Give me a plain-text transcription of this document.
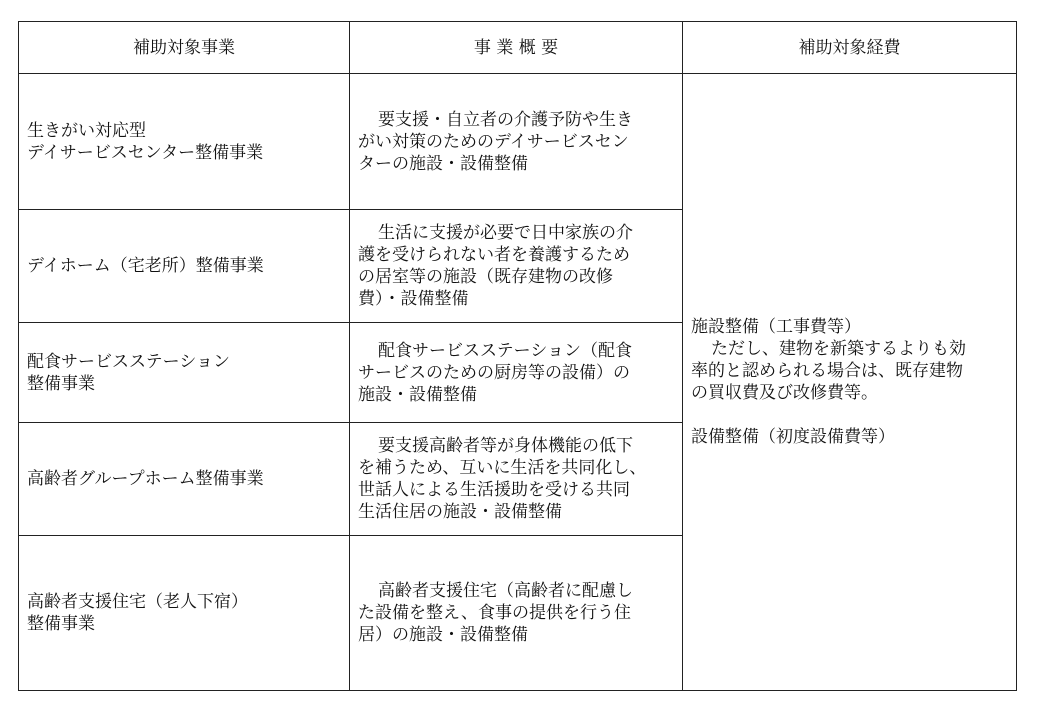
補助対象事業	事 業 概 要	補助対象経費

生きがい対応型
デイサービスセンター整備事業	要支援・自立者の介護予防や生き
がい対策のためのデイサービスセン
ターの施設・設備整備	施設整備（工事費等）
ただし、建物を新築するよりも効
率的と認められる場合は、既存建物
の買収費及び改修費等。
設備整備（初度設備費等）

デイホーム（宅老所）整備事業	生活に支援が必要で日中家族の介
護を受けられない者を養護するため
の居室等の施設（既存建物の改修
費）・設備整備	

配食サービスステーション
整備事業	配食サービスステーション（配食
サービスのための厨房等の設備）の
施設・設備整備	

高齢者グループホーム整備事業	要支援高齢者等が身体機能の低下
を補うため、互いに生活を共同化し、
世話人による生活援助を受ける共同
生活住居の施設・設備整備	

高齢者支援住宅（老人下宿）
整備事業	高齢者支援住宅（高齢者に配慮し
た設備を整え、食事の提供を行う住
居）の施設・設備整備	
